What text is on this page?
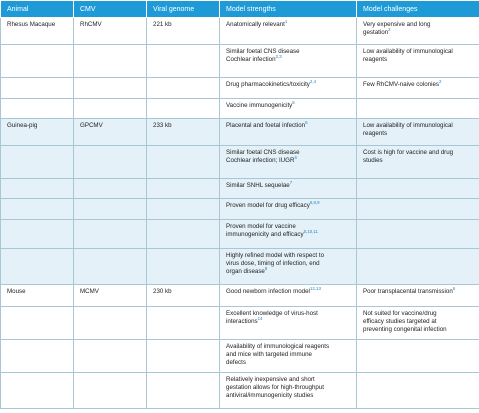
Animal	CMV	Viral genome	Model strengths	Model challenges
Rhesus Macaque	RhCMV	221 kb	Anatomically relevant$^1$	Very expensive and long
gestation$^2$

			Similar foetal CNS disease
Cochlear infection$^{2,3}$	Low availability of immunological
reagents

			Drug pharmacokinetics/toxicity$^{2,4}$	Few RhCMV-naive colonies$^2$

			Vaccine immunogenicity$^5$

Guinea-pig	GPCMV	233 kb	Placental and foetal infection$^6$	Low availability of immunological
reagents

			Similar foetal CNS disease
Cochlear infection; IUGR$^6$	Cost is high for vaccine and drug
studies

			Similar SNHL sequelae$^7$

			Proven model for drug efficacy$^{6,8,9}$

			Proven model for vaccine
immunogenicity and efficacy$^{5,10,11}$

			Highly refined model with respect to
virus dose, timing of infection, end
organ disease$^8$

Mouse	MCMV	230 kb	Good newborn infection model$^{12,13}$	Poor transplacental transmission$^6$

			Excellent knowledge of virus-host
interactions$^{14}$	Not suited for vaccine/drug
efficacy studies targeted at
preventing congenital infection

			Availability of immunological reagents
and mice with targeted immune
defects	

			Relatively inexpensive and short
gestation allows for high-throughput
antiviral/immunogenicity studies	
